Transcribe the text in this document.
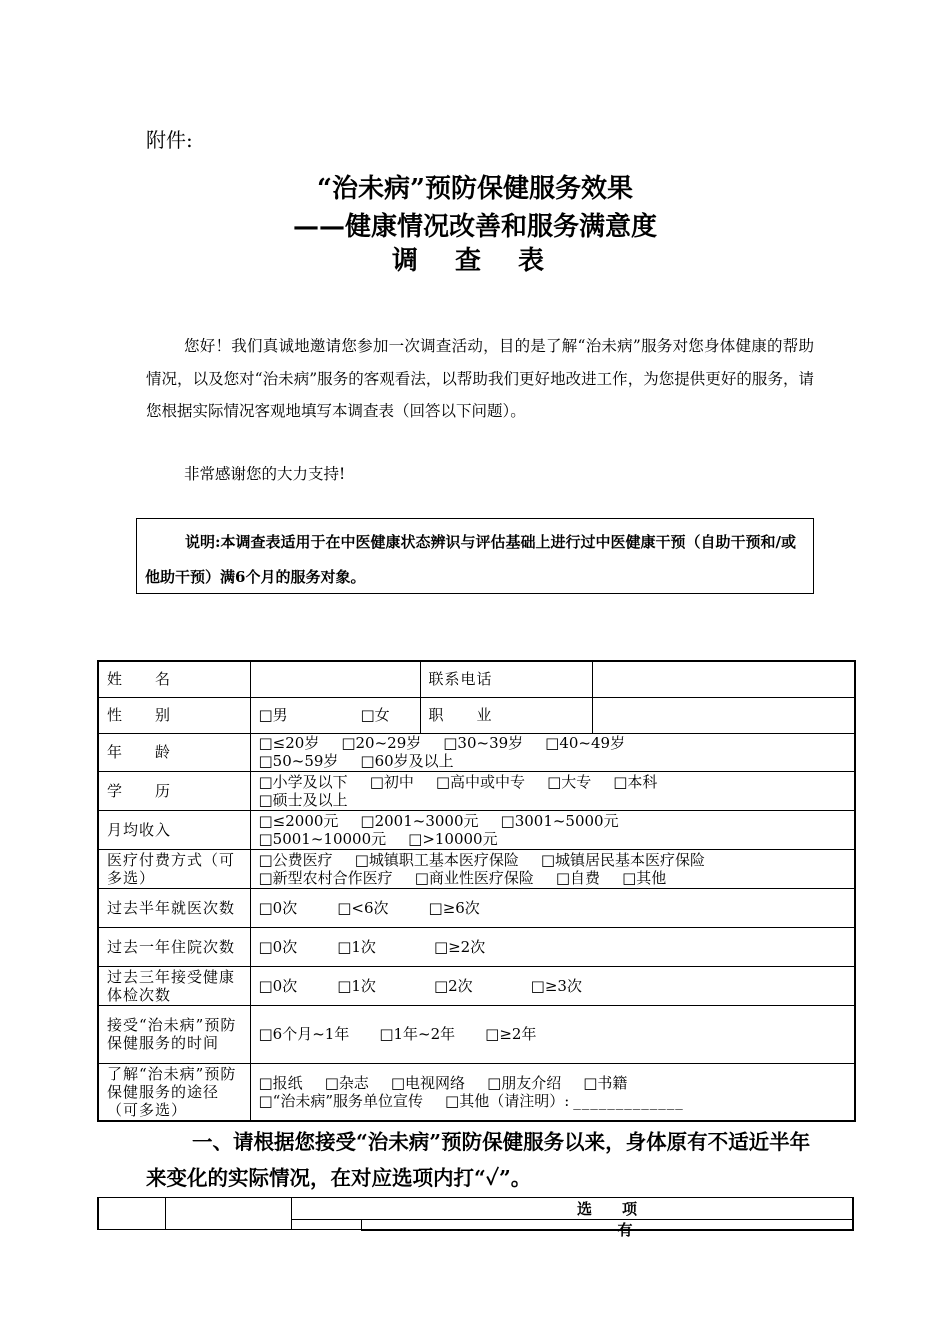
附件:
“治未病”预防保健服务效果
——健康情况改善和服务满意度
调 查 表
您好！我们真诚地邀请您参加一次调查活动，目的是了解“治未病”服务对您身体健康的帮助情况，以及您对“治未病”服务的客观看法，以帮助我们更好地改进工作，为您提供更好的服务，请您根据实际情况客观地填写本调查表（回答以下问题）。
非常感谢您的大力支持!
说明:本调查表适用于在中医健康状态辨识与评估基础上进行过中医健康干预（自助干预和/或他助干预）满6个月的服务对象。
姓　　名		联系电话	
性　　别	□男 □女	职　　业	
年　　龄	□≤20岁 □20~29岁 □30~39岁 □40~49岁
□50~59岁 □60岁及以上		
学　　历	□小学及以下 □初中 □高中或中专 □大专 □本科
□硕士及以上		
月均收入	□≤2000元 □2001~3000元 □3001~5000元
□5001~10000元 □>10000元		
医疗付费方式（可多选）	□公费医疗 □城镇职工基本医疗保险 □城镇居民基本医疗保险
□新型农村合作医疗 □商业性医疗保险 □自费 □其他		
过去半年就医次数	□0次 □<6次 □≥6次		
过去一年住院次数	□0次 □1次 □≥2次		
过去三年接受健康体检次数	□0次 □1次 □2次 □≥3次		
接受“治未病”预防保健服务的时间	□6个月~1年 □1年~2年 □≥2年		
了解“治未病”预防保健服务的途径（可多选）	□报纸 □杂志 □电视网络 □朋友介绍 □书籍
□“治未病”服务单位宣传 □其他（请注明）: _____________		
一、请根据您接受“治未病”预防保健服务以来，身体原有不适近半年来变化的实际情况，在对应选项内打“✓”。
		选　　项	

			有
